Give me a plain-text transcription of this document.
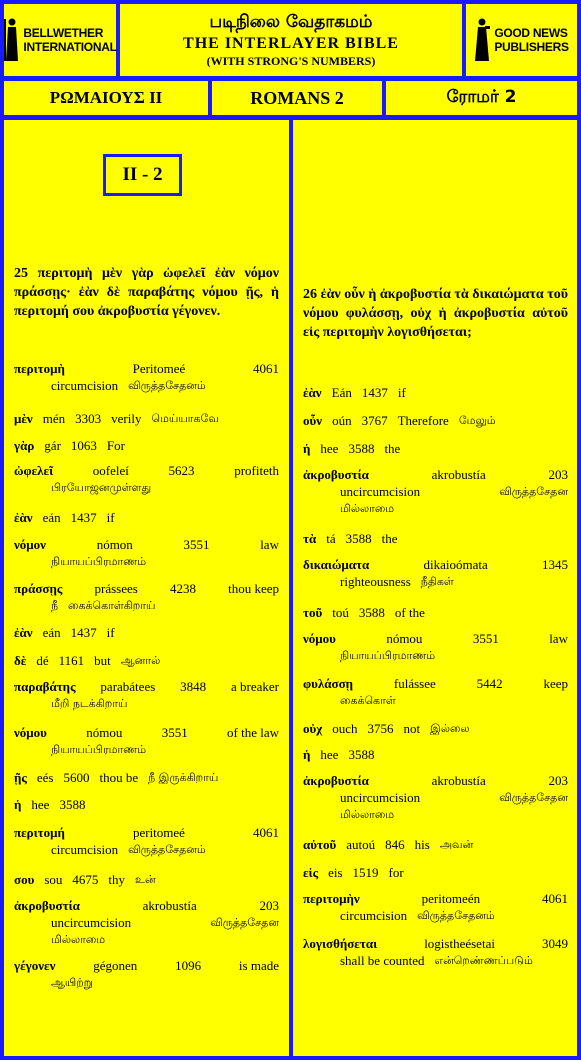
BELLWETHER
INTERNATIONAL
படிநிலை வேதாகமம்
THE INTERLAYER BIBLE
(WITH STRONG'S NUMBERS)
GOOD NEWS
PUBLISHERS
ΡΩΜΑΙΟΥΣ II	ROMANS 2	ரோமர் 2
II - 2
25 περιτομὴ μὲν γὰρ ὠφελεῖ ἐὰν νόμον πράσσῃς· ἐὰν δὲ παραβάτης νόμου ῇς, ἡ περιτομή σου ἀκροβυστία γέγονεν.
26 ἐὰν οὖν ἡ ἀκροβυστία τὰ δικαιώματα τοῦ νόμου φυλάσσῃ, οὐχ ἡ ἀκροβυστία αὐτοῦ εἰς περιτομὴν λογισθήσεται;
περιτομὴ	Peritomeé	4061
circumcision விருத்தசேதனம்
μὲν mén 3303 verily மெய்யாகவே
γὰρ gár 1063 For
ὠφελεῖ	oofeleí	5623	profiteth
பிரயோஜனமுள்ளது
ἐὰν eán 1437 if
νόμον	nómon	3551	law
நியாயப்பிரமாணம்
πράσσῃς prássees 4238 thou keep
நீ கைக்கொள்கிறாய்
ἐὰν eán 1437 if
δὲ dé 1161 but ஆனால்
παραβάτης parabátees 3848 a breaker
மீறி நடக்கிறாய்
νόμου	nómou	3551	of the law
நியாயப்பிரமாணம்
ῇς eés 5600 thou be நீ இருக்கிறாய்
ἡ hee 3588
περιτομή	peritomeé	4061
circumcision விருத்தசேதனம்
σου sou 4675 thy உன்
ἀκροβυστία	akrobustía	203
uncircumcision	விருத்தசேதன
மில்லாமை
γέγονεν	gégonen	1096	is made
ஆயிற்று
ἐὰν Eán 1437 if
οὖν oún 3767 Therefore மேலும்
ἡ hee 3588 the
ἀκροβυστία	akrobustía	203
uncircumcision	விருத்தசேதன
மில்லாமை
τὰ tá 3588 the
δικαιώματα	dikaioómata	1345
righteousness நீதிகள்
τοῦ toú 3588 of the
νόμου	nómou	3551	law
நியாயப்பிரமாணம்
φυλάσσῃ	fulássee	5442	keep
கைக்கொள்
οὐχ ouch 3756 not இல்லை
ἡ hee 3588
ἀκροβυστία	akrobustía	203
uncircumcision	விருத்தசேதன
மில்லாமை
αὐτοῦ autoú 846 his அவன்
εἰς eis 1519 for
περιτομὴν	peritomeén	4061
circumcision விருத்தசேதனம்
λογισθήσεται	logistheésetai	3049
shall be counted என்றெண்ணப்படும்
